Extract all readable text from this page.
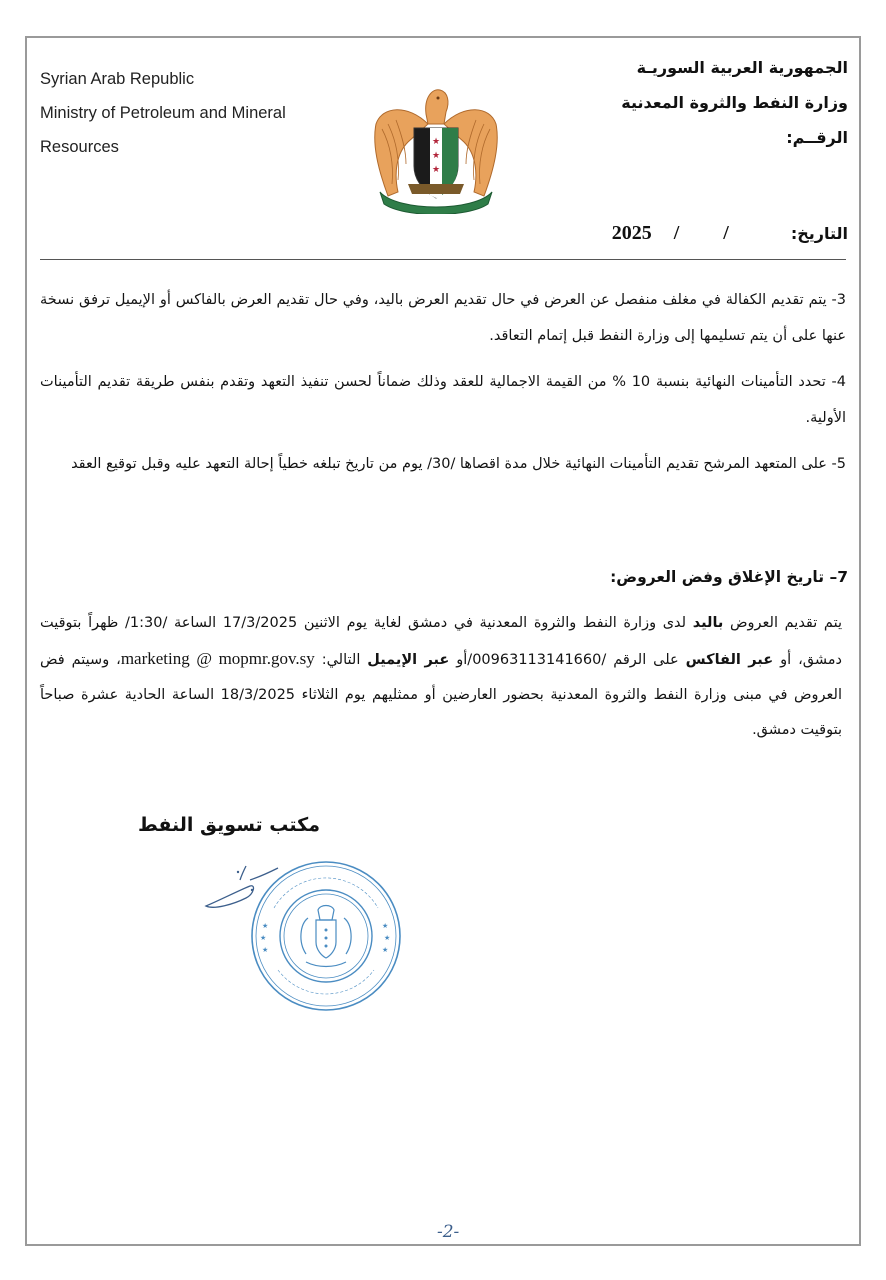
Syrian Arab Republic
Ministry of Petroleum and Mineral
Resources	★
★
★
الجمهورية العربية السوريـة
وزارة النفط والثروة المعدنية
الرقــم:
التاريخ:
/
/
2025
3- يتم تقديم الكفالة في مغلف منفصل عن العرض في حال تقديم العرض باليد، وفي حال تقديم العرض بالفاكس أو الإيميل ترفق نسخة عنها على أن يتم تسليمها إلى وزارة النفط قبل إتمام التعاقد.
4- تحدد التأمينات النهائية بنسبة 10 % من القيمة الاجمالية للعقد وذلك ضماناً لحسن تنفيذ التعهد وتقدم بنفس طريقة تقديم التأمينات الأولية.
5- على المتعهد المرشح تقديم التأمينات النهائية خلال مدة اقصاها /30/ يوم من تاريخ تبلغه خطياً إحالة التعهد عليه وقبل توقيع العقد
7– تاريخ الإغلاق وفض العروض:
يتم تقديم العروض باليد لدى وزارة النفط والثروة المعدنية في دمشق لغاية يوم الاثنين 17/3/2025 الساعة /1:30/ ظهراً بتوقيت دمشق، أو عبر الفاكس على الرقم /00963113141660/أو عبر الإيميل التالي: marketing @ mopmr.gov.sy، وسيتم فض العروض في مبنى وزارة النفط والثروة المعدنية بحضور العارضين أو ممثليهم يوم الثلاثاء 18/3/2025 الساعة الحادية عشرة صباحاً بتوقيت دمشق.
مكتب تسويق النفط
★
★
★
★
★
★
-2-
